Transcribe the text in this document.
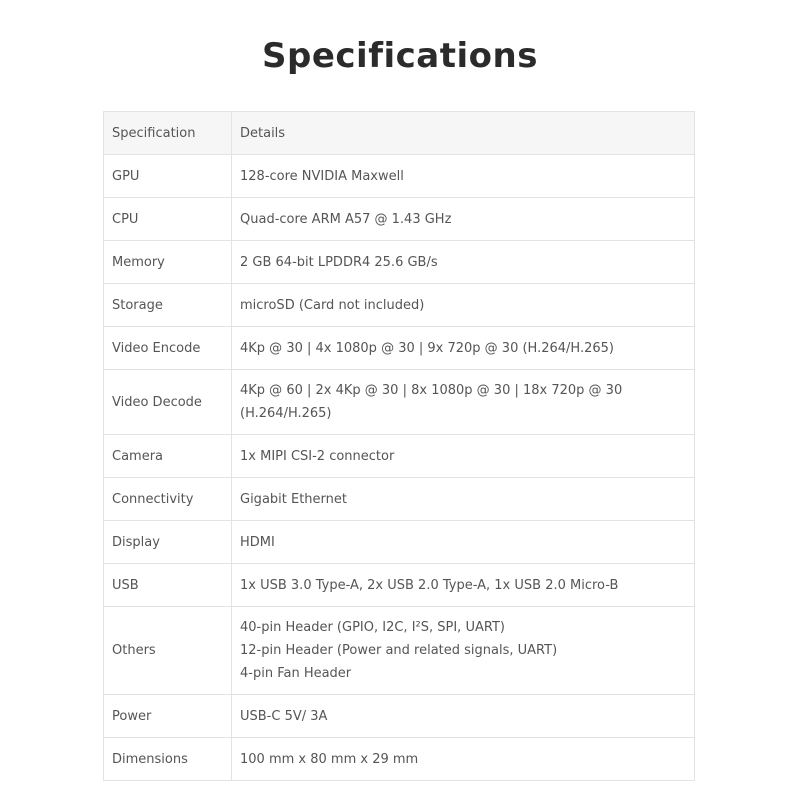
Specifications
Specification	Details
GPU	128-core NVIDIA Maxwell

CPU	Quad-core ARM A57 @ 1.43 GHz

Memory	2 GB 64-bit LPDDR4 25.6 GB/s

Storage	microSD (Card not included)

Video Encode	4Kp @ 30 | 4x 1080p @ 30 | 9x 720p @ 30 (H.264/H.265)

Video Decode	4Kp @ 60 | 2x 4Kp @ 30 | 8x 1080p @ 30 | 18x 720p @ 30
(H.264/H.265)

Camera	1x MIPI CSI-2 connector

Connectivity	Gigabit Ethernet

Display	HDMI

USB	1x USB 3.0 Type-A, 2x USB 2.0 Type-A, 1x USB 2.0 Micro-B

Others	40-pin Header (GPIO, I2C, I²S, SPI, UART)
12-pin Header (Power and related signals, UART)
4-pin Fan Header

Power	USB-C 5V/ 3A

Dimensions	100 mm x 80 mm x 29 mm
